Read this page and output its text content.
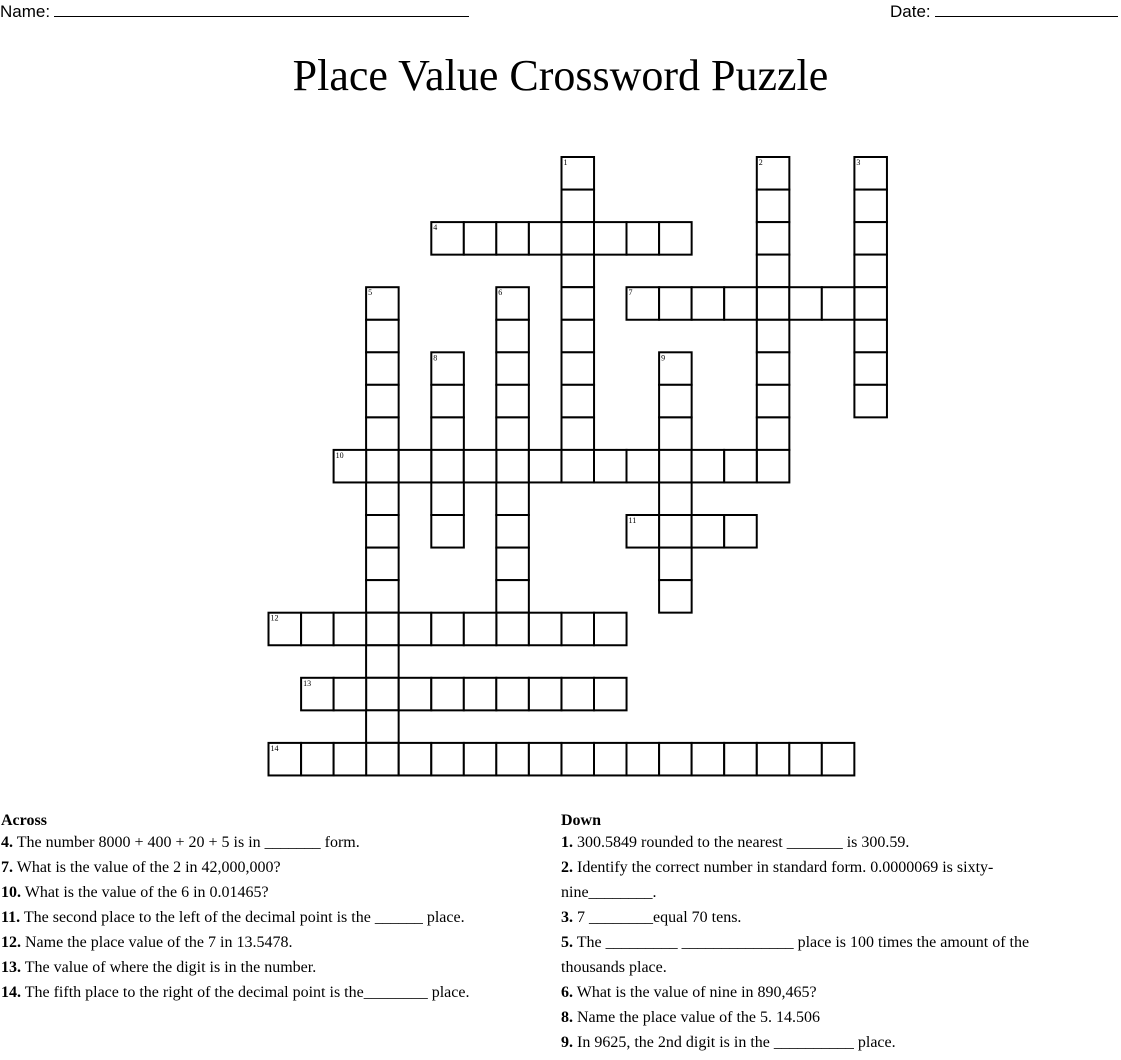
Name:	Date:
Place Value Crossword Puzzle
1	2	3
4
5	6	7
8	9
10
11
12
13
14
Across

4. The number 8000 + 400 + 20 + 5 is in _______ form.

7. What is the value of the 2 in 42,000,000?

10. What is the value of the 6 in 0.01465?

11. The second place to the left of the decimal point is the ______ place.

12. Name the place value of the 7 in 13.5478.

13. The value of where the digit is in the number.

14. The fifth place to the right of the decimal point is the________ place.

Down

1. 300.5849 rounded to the nearest _______ is 300.59.

2. Identify the correct number in standard form. 0.0000069 is sixty-nine________.

3. 7 ________equal 70 tens.

5. The _________ ______________ place is 100 times the amount of the thousands place.

6. What is the value of nine in 890,465?

8. Name the place value of the 5. 14.506

9. In 9625, the 2nd digit is in the __________ place.
